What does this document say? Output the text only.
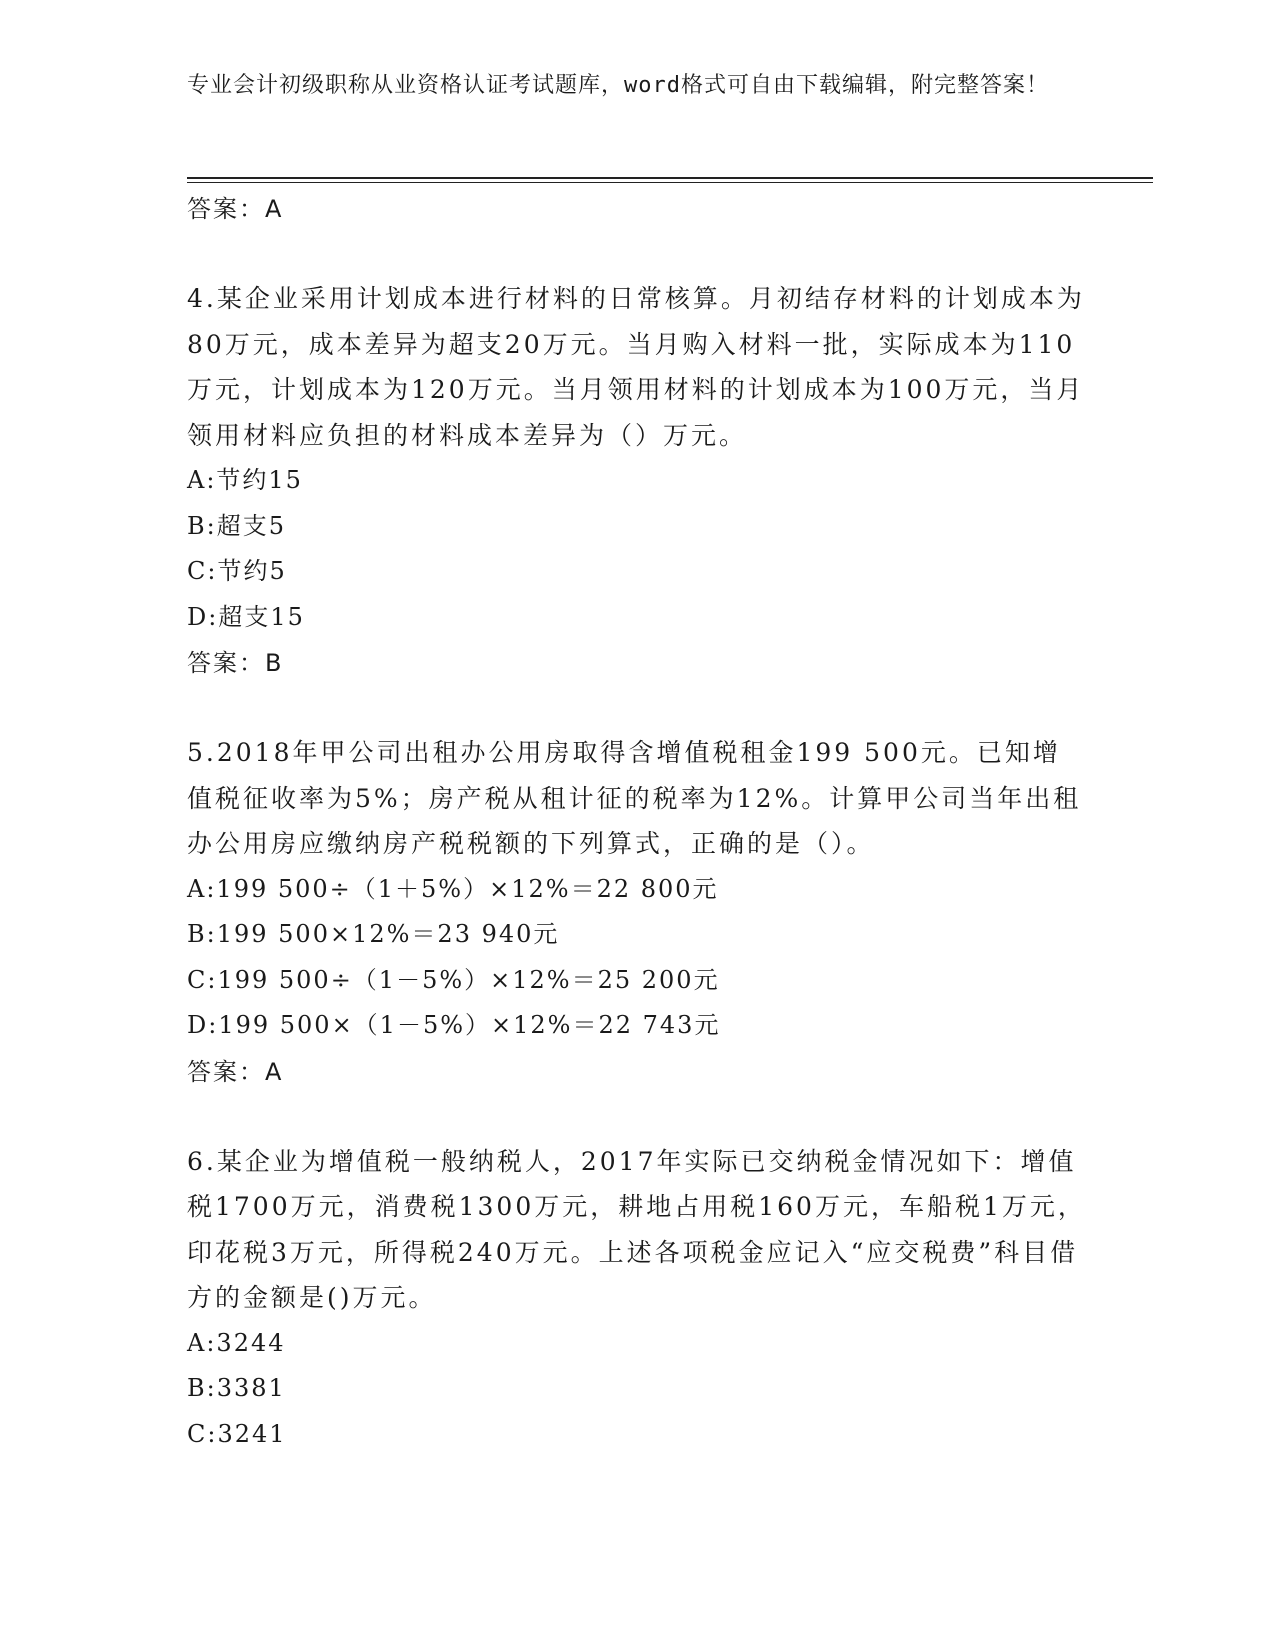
专业会计初级职称从业资格认证考试题库，word格式可自由下载编辑，附完整答案！
答案：A

4.某企业采用计划成本进行材料的日常核算。月初结存材料的计划成本为80万元，成本差异为超支20万元。当月购入材料一批，实际成本为110万元，计划成本为120万元。当月领用材料的计划成本为100万元，当月领用材料应负担的材料成本差异为（）万元。

A:节约15
B:超支5
C:节约5
D:超支15
答案：B

5.2018年甲公司出租办公用房取得含增值税租金199 500元。已知增值税征收率为5%；房产税从租计征的税率为12%。计算甲公司当年出租办公用房应缴纳房产税税额的下列算式，正确的是（）。

A:199 500÷（1＋5%）×12%＝22 800元
B:199 500×12%＝23 940元
C:199 500÷（1－5%）×12%＝25 200元
D:199 500×（1－5%）×12%＝22 743元
答案：A

6.某企业为增值税一般纳税人，2017年实际已交纳税金情况如下：增值税1700万元，消费税1300万元，耕地占用税160万元，车船税1万元，印花税3万元，所得税240万元。上述各项税金应记入“应交税费”科目借方的金额是()万元。

A:3244
B:3381
C:3241
